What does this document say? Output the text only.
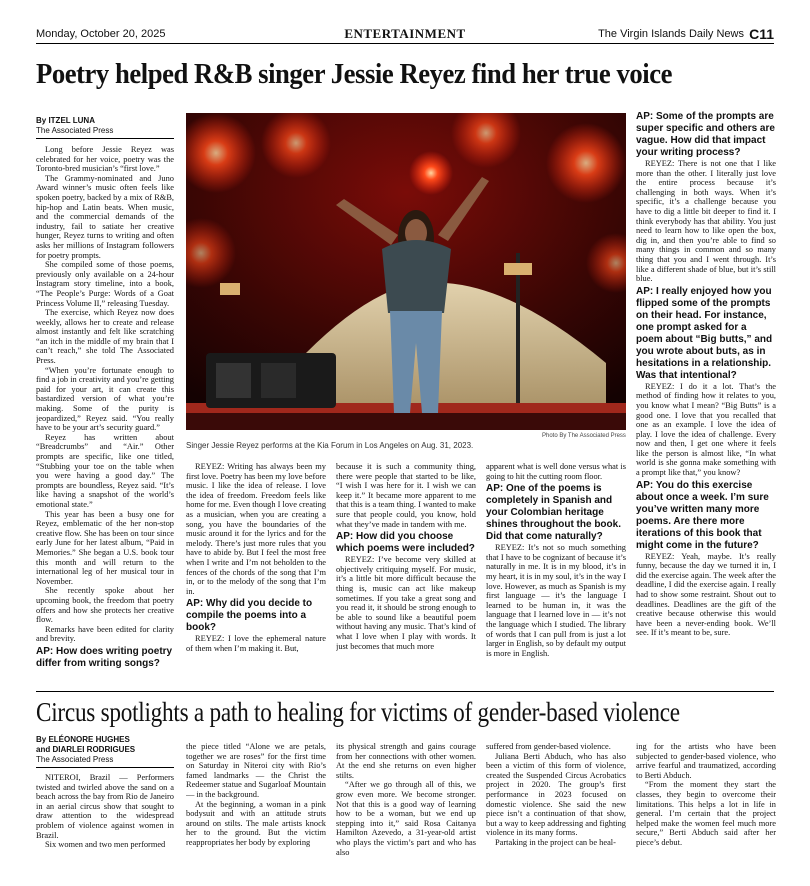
Monday, October 20, 2025	ENTERTAINMENT	The Virgin Islands Daily News C11
Poetry helped R&B singer Jessie Reyez find her true voice
By ITZEL LUNA
The Associated Press

Long before Jessie Reyez was celebrated for her voice, poetry was the Toronto-bred musician’s “first love.”

The Grammy-nominated and Juno Award winner’s music often feels like spoken poetry, backed by a mix of R&B, hip-hop and Latin beats. When music, and the commercial demands of the industry, fail to satiate her creative hunger, Reyez turns to writing and often asks her millions of Instagram followers for poetry prompts.

She compiled some of those poems, previously only available on a 24-hour Instagram story timeline, into a book, “The People’s Purge: Words of a Goat Princess Volume II,” releasing Tuesday.

The exercise, which Reyez now does weekly, allows her to create and release almost instantly and felt like scratching “an itch in the middle of my brain that I can’t reach,” she told The Associated Press.

“When you’re fortunate enough to find a job in creativity and you’re getting paid for your art, it can create this bastardized version of what you’re making. Some of the purity is jeopardized,” Reyez said. “You really have to be your art’s security guard.”

Reyez has written about “Breadcrumbs” and “Air.” Other prompts are specific, like one titled, “Stubbing your toe on the table when you were having a good day.” The prompts are boundless, Reyez said. “It’s like having a snapshot of the world’s emotional state.”

This year has been a busy one for Reyez, emblematic of the her non-stop creative flow. She has been on tour since early June for her latest album, “Paid in Memories.” She began a U.S. book tour this month and will return to the international leg of her musical tour in November.

She recently spoke about her upcoming book, the freedom that poetry offers and how she protects her creative flow.

Remarks have been edited for clarity and brevity.

AP: How does writing poetry differ from writing songs?

Photo By The Associated Press
Singer Jessie Reyez performs at the Kia Forum in Los Angeles on Aug. 31, 2023.

REYEZ: Writing has always been my first love. Poetry has been my love before music. I like the idea of release. I love the idea of freedom. Freedom feels like home for me. Even though I love creating as a musician, when you are creating a song, you have the boundaries of the music around it for the lyrics and for the melody. There’s just more rules that you have to abide by. But I feel the most free when I write and I’m not beholden to the fences of the chords of the song that I’m in, or to the melody of the song that I’m in.

AP: Why did you decide to compile the poems into a book?

REYEZ: I love the ephemeral nature of them when I’m making it. But,

because it is such a community thing, there were people that started to be like, “I wish I was here for it. I wish we can keep it.” It became more apparent to me that this is a team thing. I wanted to make sure that people could, you know, hold what they’ve made in tandem with me.

AP: How did you choose which poems were included?

REYEZ: I’ve become very skilled at objectively critiquing myself. For music, it’s a little bit more difficult because the thing is, music can act like makeup sometimes. If you take a great song and you read it, it should be strong enough to be able to sound like a beautiful poem without having any music. That’s kind of what I love when I play with words. It just becomes that much more

apparent what is well done versus what is going to hit the cutting room floor.

AP: One of the poems is completely in Spanish and your Colombian heritage shines throughout the book. Did that come naturally?

REYEZ: It’s not so much something that I have to be cognizant of because it’s naturally in me. It is in my blood, it’s in my heart, it is in my soul, it’s in the way I love. However, as much as Spanish is my first language — it’s the language I learned to be human in, it was the language that I learned love in — it’s not the language which I studied. The library of words that I can pull from is just a lot larger in English, so by default my output is more in English.

AP: Some of the prompts are super specific and others are vague. How did that impact your writing process?

REYEZ: There is not one that I like more than the other. I literally just love the entire process because it’s challenging in both ways. When it’s specific, it’s a challenge because you have to dig a little bit deeper to find it. I think everybody has that ability. You just need to learn how to like open the box, dig in, and then you’re able to find so many things in common and so many thing that you and I went through. It’s like a different shade of blue, but it’s still blue.

AP: I really enjoyed how you flipped some of the prompts on their head. For instance, one prompt asked for a poem about “Big butts,” and you wrote about buts, as in hesitations in a relationship. Was that intentional?

REYEZ: I do it a lot. That’s the method of finding how it relates to you, you know what I mean? “Big Butts” is a good one. I love that you recalled that one as an example. I love the idea of play. I love the idea of challenge. Every now and then, I get one where it feels like the person is almost like, “In what world is she gonna make something with a prompt like that,” you know?

AP: You do this exercise about once a week. I’m sure you’ve written many more poems. Are there more iterations of this book that might come in the future?

REYEZ: Yeah, maybe. It’s really funny, because the day we turned it in, I did the exercise again. The week after the deadline, I did the exercise again. I really had to show some restraint. Shout out to deadlines. Deadlines are the gift of the creative because otherwise this would have been a never-ending book. We’ll see. If it’s meant to be, sure.

Circus spotlights a path to healing for victims of gender-based violence
By ELÉONORE HUGHES
and DIARLEI RODRIGUES
The Associated Press

NITEROI, Brazil — Performers twisted and twirled above the sand on a beach across the bay from Rio de Janeiro in an aerial circus show that sought to draw attention to the widespread problem of violence against women in Brazil.

Six women and two men performed

the piece titled “Alone we are petals, together we are roses” for the first time on Saturday in Niteroi city with Rio’s famed landmarks — the Christ the Redeemer statue and Sugarloaf Mountain — in the background.

At the beginning, a woman in a pink bodysuit and with an attitude struts around on stilts. The male artists knock her to the ground. But the victim reappropriates her body by exploring

its physical strength and gains courage from her connections with other women. At the end she returns on even higher stilts.

“After we go through all of this, we grow even more. We become stronger. Not that this is a good way of learning how to be a woman, but we end up stepping into it,” said Rosa Caitanya Hamilton Azevedo, a 31-year-old artist who plays the victim’s part and who has also

suffered from gender-based violence.

Juliana Berti Abduch, who has also been a victim of this form of violence, created the Suspended Circus Acrobatics project in 2020. The group’s first performance in 2023 focused on domestic violence. She said the new piece isn’t a continuation of that show, but a way to keep addressing and fighting violence in its many forms.

Partaking in the project can be heal-

ing for the artists who have been subjected to gender-based violence, who arrive fearful and traumatized, according to Berti Abduch.

“From the moment they start the classes, they begin to overcome their limitations. This helps a lot in life in general. I’m certain that the project helped make the women feel much more secure,” Berti Abduch said after her piece’s debut.
